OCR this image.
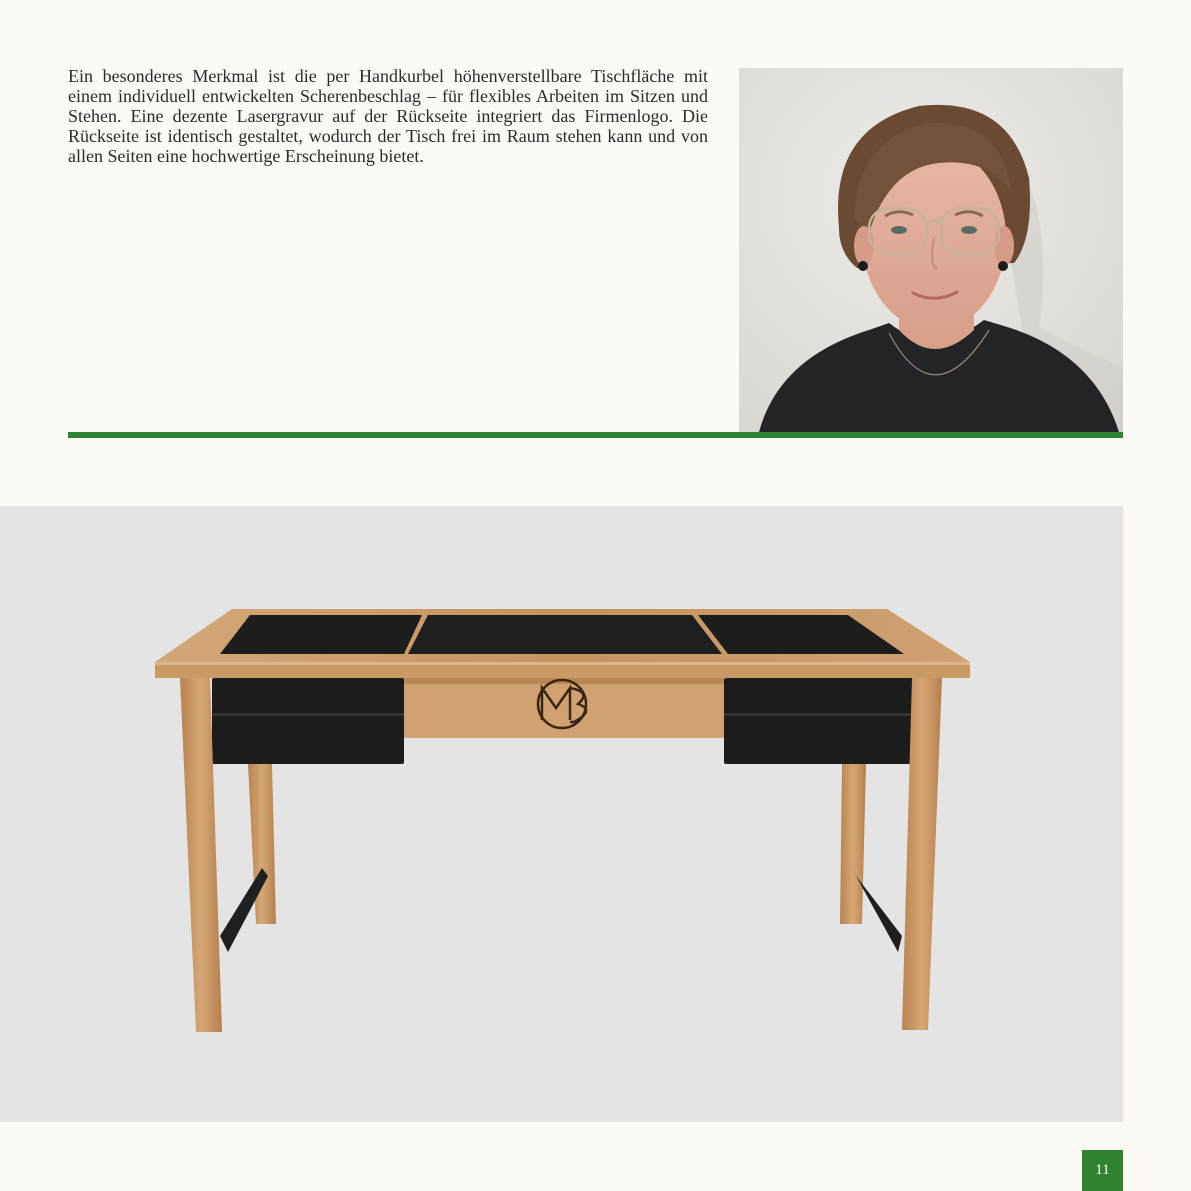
Ein besonderes Merkmal ist die per Handkurbel höhenverstellbare Tischfläche mit einem individuell entwickelten Scherenbeschlag – für flexibles Arbeiten im Sitzen und Stehen. Eine dezente Lasergravur auf der Rückseite integriert das Firmenlogo. Die Rückseite ist identisch gestaltet, wodurch der Tisch frei im Raum stehen kann und von allen Seiten eine hochwertige Erscheinung bietet.

11
